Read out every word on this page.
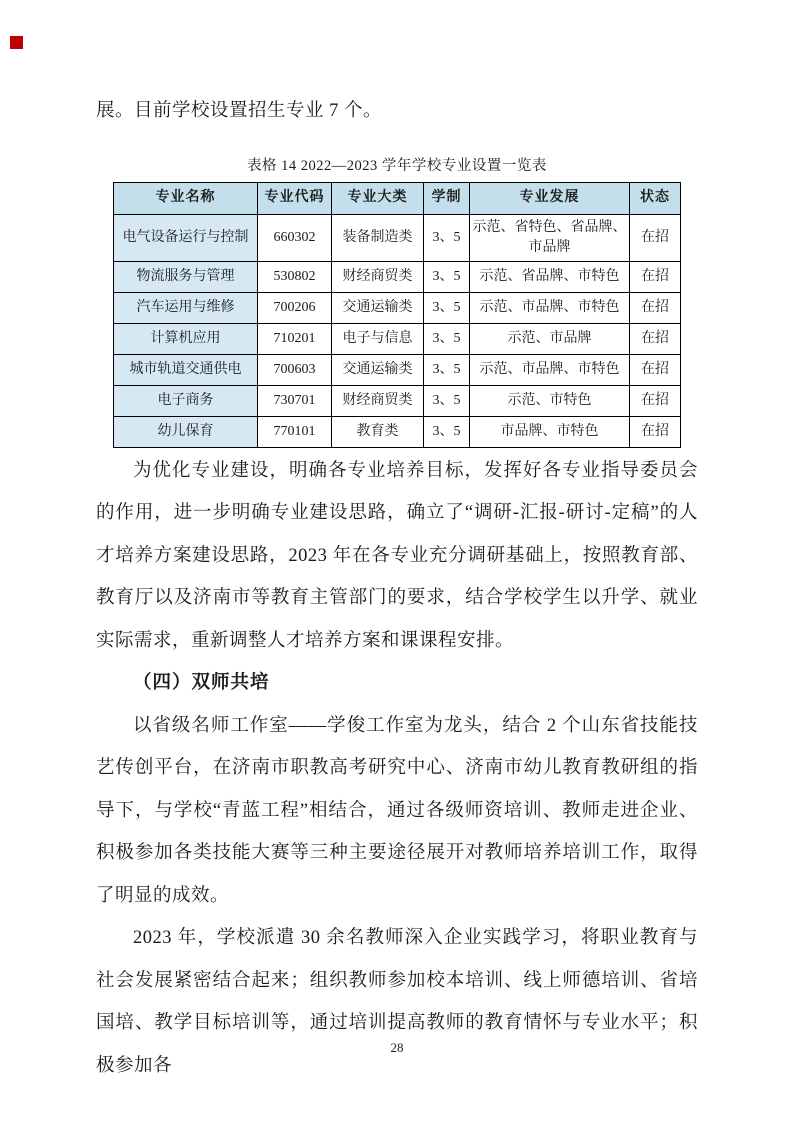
展。目前学校设置招生专业 7 个。
表格 14 2022—2023 学年学校专业设置一览表
专业名称	专业代码	专业大类	学制	专业发展	状态
电气设备运行与控制	660302	装备制造类	3、5	示范、省特色、省品牌、市品牌	在招
物流服务与管理	530802	财经商贸类	3、5	示范、省品牌、市特色	在招
汽车运用与维修	700206	交通运输类	3、5	示范、市品牌、市特色	在招
计算机应用	710201	电子与信息	3、5	示范、市品牌	在招
城市轨道交通供电	700603	交通运输类	3、5	示范、市品牌、市特色	在招
电子商务	730701	财经商贸类	3、5	示范、市特色	在招
幼儿保育	770101	教育类	3、5	市品牌、市特色	在招

为优化专业建设，明确各专业培养目标，发挥好各专业指导委员会的作用，进一步明确专业建设思路，确立了“调研-汇报-研讨-定稿”的人才培养方案建设思路，2023 年在各专业充分调研基础上，按照教育部、教育厅以及济南市等教育主管部门的要求，结合学校学生以升学、就业实际需求，重新调整人才培养方案和课课程安排。

（四）双师共培

以省级名师工作室——学俊工作室为龙头，结合 2 个山东省技能技艺传创平台，在济南市职教高考研究中心、济南市幼儿教育教研组的指导下，与学校“青蓝工程”相结合，通过各级师资培训、教师走进企业、积极参加各类技能大赛等三种主要途径展开对教师培养培训工作，取得了明显的成效。

2023 年，学校派遣 30 余名教师深入企业实践学习，将职业教育与社会发展紧密结合起来；组织教师参加校本培训、线上师德培训、省培国培、教学目标培训等，通过培训提高教师的教育情怀与专业水平；积极参加各

28
